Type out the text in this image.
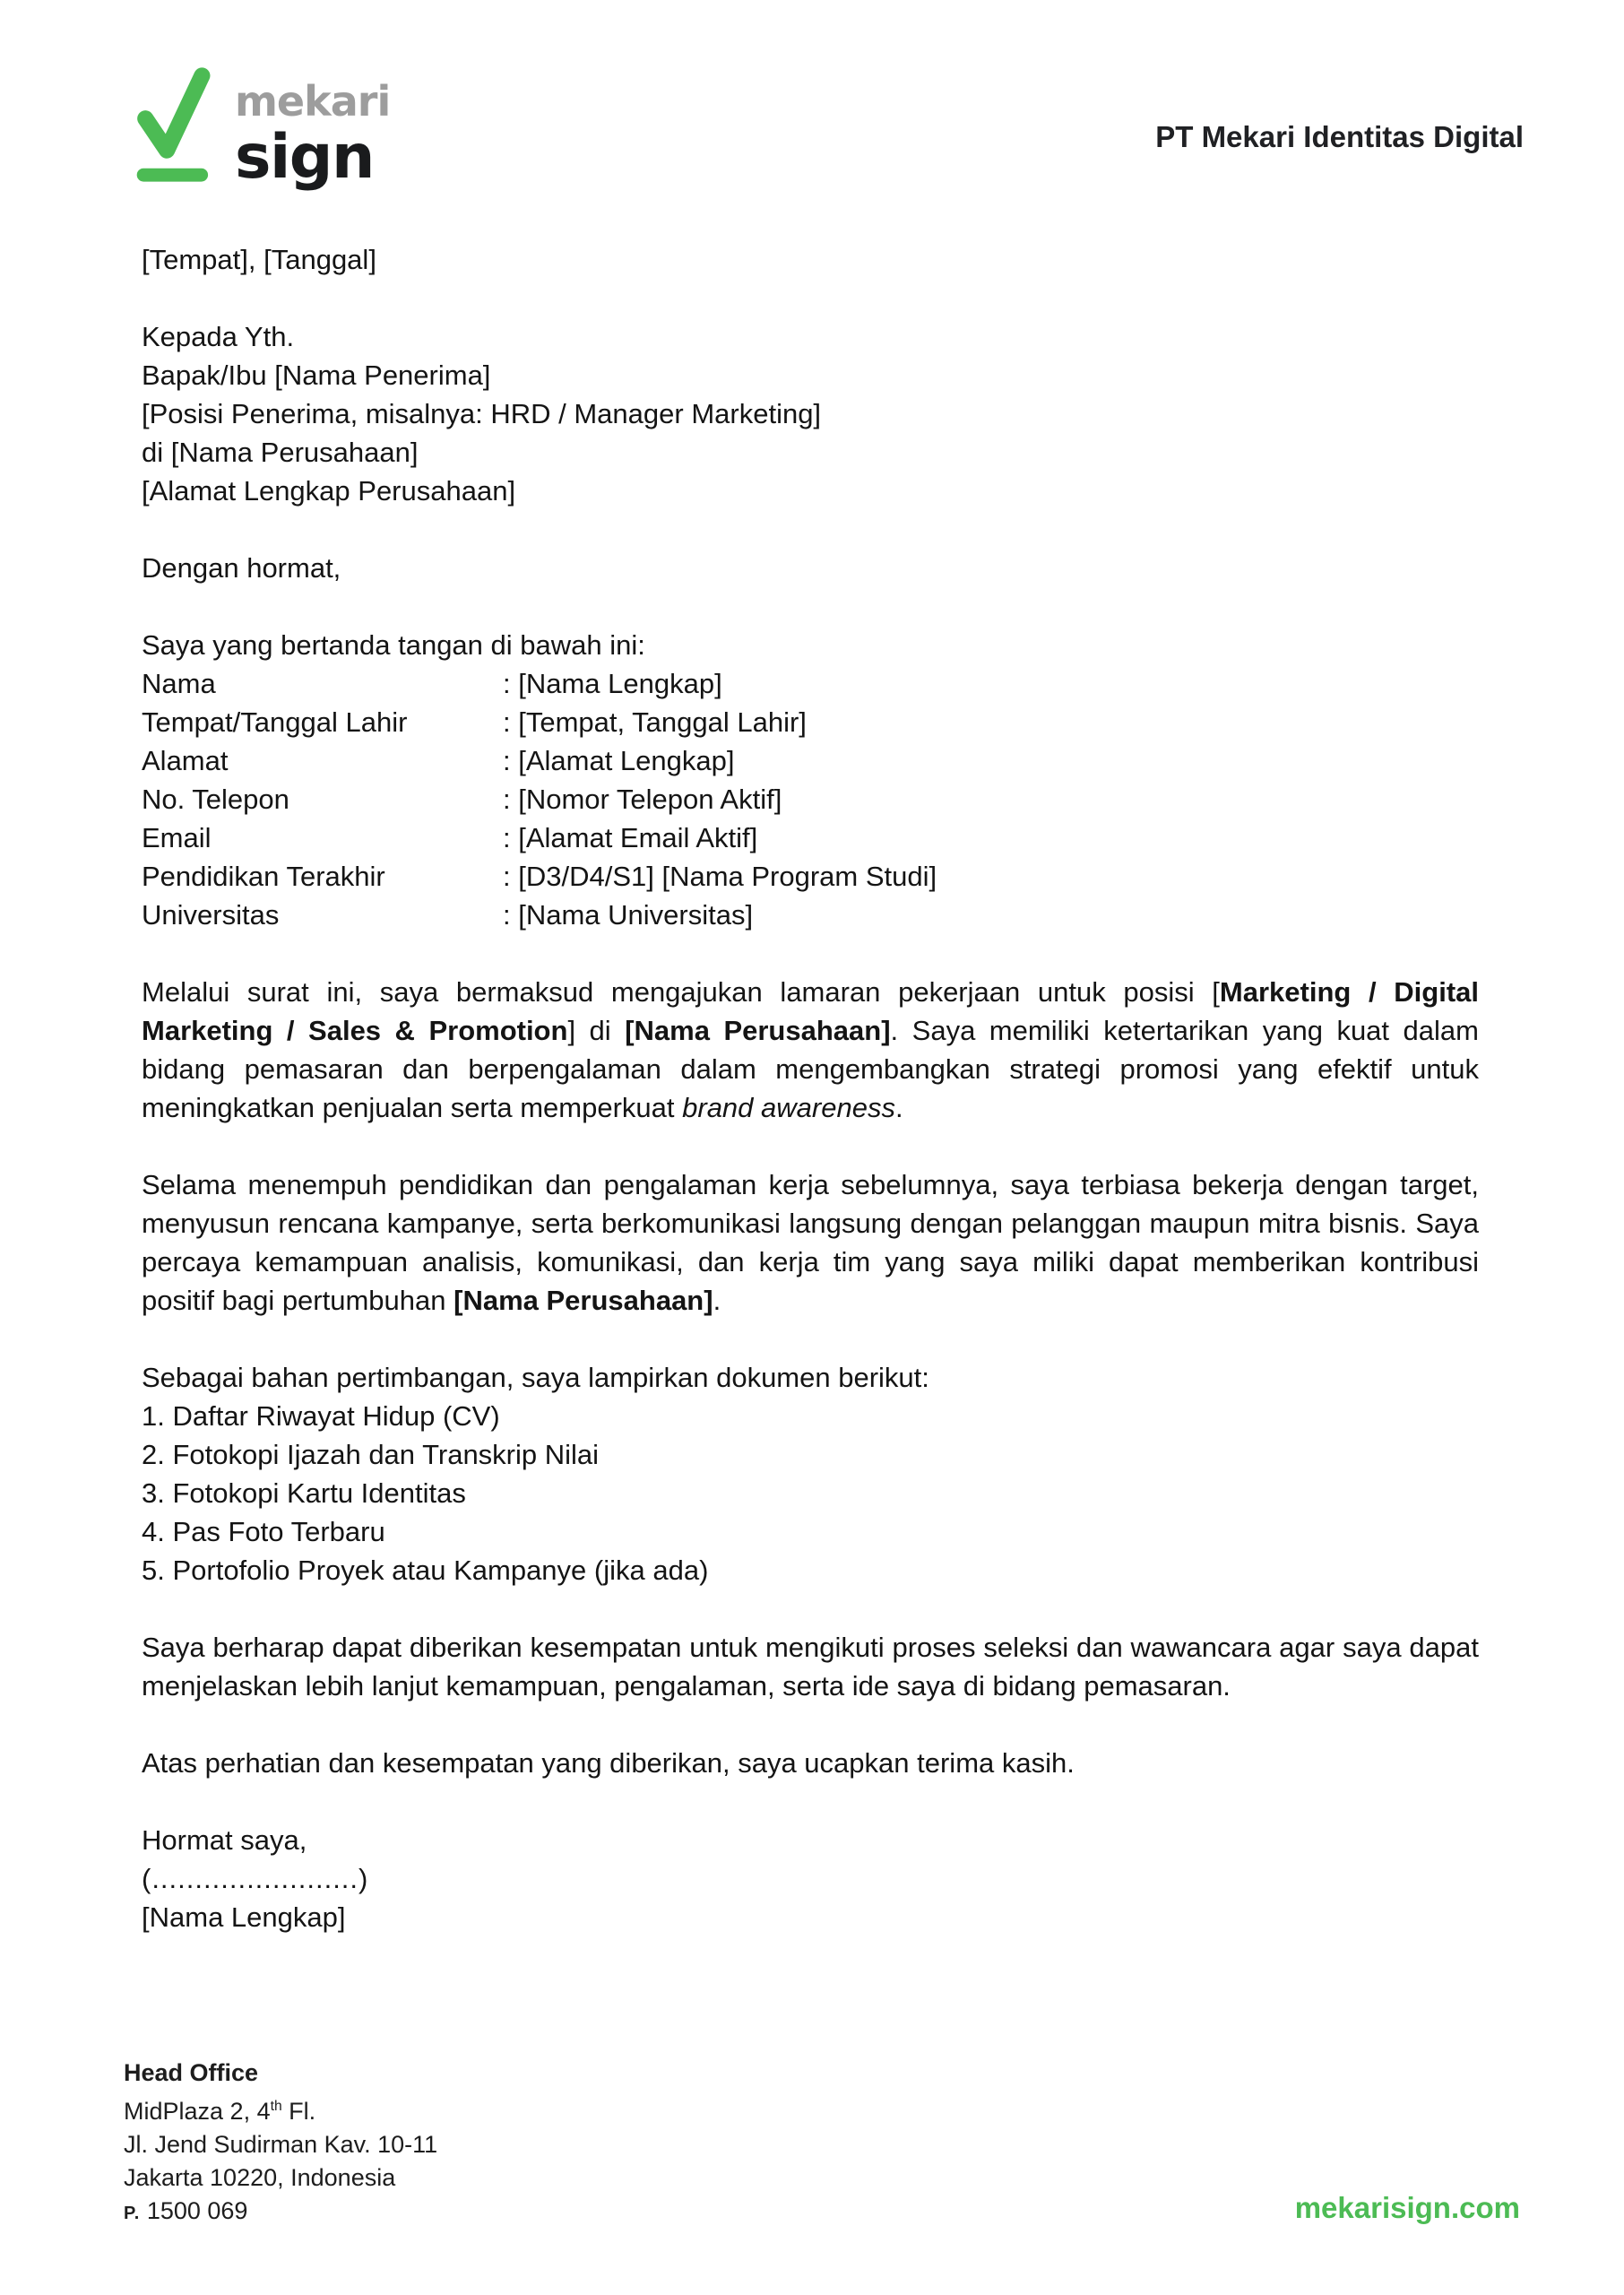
mekari
sign	PT Mekari Identitas Digital

[Tempat], [Tanggal]

Kepada Yth.

Bapak/Ibu [Nama Penerima]

[Posisi Penerima, misalnya: HRD / Manager Marketing]

di [Nama Perusahaan]

[Alamat Lengkap Perusahaan]

Dengan hormat,

Saya yang bertanda tangan di bawah ini:

Nama	: [Nama Lengkap]
Tempat/Tanggal Lahir	: [Tempat, Tanggal Lahir]
Alamat	: [Alamat Lengkap]
No. Telepon	: [Nomor Telepon Aktif]
Email	: [Alamat Email Aktif]
Pendidikan Terakhir	: [D3/D4/S1] [Nama Program Studi]
Universitas	: [Nama Universitas]

Melalui surat ini, saya bermaksud mengajukan lamaran pekerjaan untuk posisi [Marketing / Digital Marketing / Sales & Promotion] di [Nama Perusahaan]. Saya memiliki ketertarikan yang kuat dalam bidang pemasaran dan berpengalaman dalam mengembangkan strategi promosi yang efektif untuk meningkatkan penjualan serta memperkuat brand awareness.

Selama menempuh pendidikan dan pengalaman kerja sebelumnya, saya terbiasa bekerja dengan target, menyusun rencana kampanye, serta berkomunikasi langsung dengan pelanggan maupun mitra bisnis. Saya percaya kemampuan analisis, komunikasi, dan kerja tim yang saya miliki dapat memberikan kontribusi positif bagi pertumbuhan [Nama Perusahaan].

Sebagai bahan pertimbangan, saya lampirkan dokumen berikut:

1. Daftar Riwayat Hidup (CV)

2. Fotokopi Ijazah dan Transkrip Nilai

3. Fotokopi Kartu Identitas

4. Pas Foto Terbaru

5. Portofolio Proyek atau Kampanye (jika ada)

Saya berharap dapat diberikan kesempatan untuk mengikuti proses seleksi dan wawancara agar saya dapat menjelaskan lebih lanjut kemampuan, pengalaman, serta ide saya di bidang pemasaran.

Atas perhatian dan kesempatan yang diberikan, saya ucapkan terima kasih.

Hormat saya,

(........................)

[Nama Lengkap]

Head Office

MidPlaza 2, 4th Fl.

Jl. Jend Sudirman Kav. 10-11

Jakarta 10220, Indonesia

P. 1500 069	mekarisign.com
